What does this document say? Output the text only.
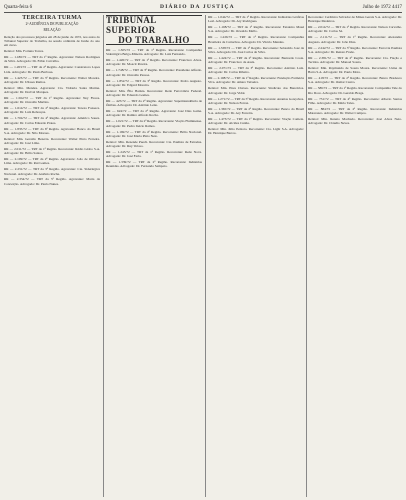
Quarta-feira 6	DIÁRIO DA JUSTIÇA	Julho de 1972 4417
TERCEIRA TURMA
2ª AUDIÊNCIA DE PUBLICAÇÃO
RELAÇÃO

Relação dos processos julgados em 28 de junho de 1972, nos autos do Tribunal Superior do Trabalho, na sessão ordinária de Junho do ano em curso.

Relator: Min. Fortuna Torres.

RR — 1.186/72 — TRT da 1ª Região. Agravante: Nelson Rodrigues da Silva. Advogado: Dr. Fábio Carvalho.

RR — 1.263/72 — TRT da 2ª Região. Agravante: Construtora Lopes Ltda. Advogado: Dr. Paulo Barbosa.

RR — 1.423/72 — TRT da 3ª Região. Recorrente: Walter Moreira. Advogado: Dr. Ulisses Ramos.

Relator: Min. Mendes. Agravante: Cia. Vidraria Santa Marina. Advogado: Dr. Dorival Marques.

RR — 1.562/72 — TRT da 1ª Região. Agravante: Ney Flores. Advogado: Dr. Oswaldo Martins.

RR — 1.614/72 — TRT da 2ª Região. Agravante: Tereza Fonseca. Advogado: Dr. Luiz Rebouças.

RR — 1.704/72 — TRT da 4ª Região. Agravante: Américo Souza. Advogado: Dr. Carlos Eduardo Prates.

RR — 1.835/72 — TRT da 6ª Região. Agravante: Banco do Brasil S.A. Advogado: Dr. Nilo Moraes.

Relator: Min. Geraldo Bezerra. Recorrente: Walter Pinto Ferreira. Advogado: Dr. José Lima.

RR — 2.011/72 — TRT da 1ª Região. Recorrente: Rádio Globo S.A. Advogado: Dr. Hélio Santos.

RR — 2.109/72 — TRT da 2ª Região. Agravante: João de Oliveira Lima. Advogado: Dr. Rui Gomes.

RR — 2.231/72 — TRT da 3ª Região. Agravante: Cia. Siderúrgica Nacional. Advogado: Dr. Antônio Rocha.

RR — 2.354/72 — TRT da 5ª Região. Agravante: Maria da Conceição. Advogado: Dr. Paulo Nunes.

RR — 1.305/72 — TRT da 1ª Região. Recorrente: Companhia Siderúrgica Belgo-Mineira. Advogado: Dr. Luiz Fernando.

RR — 1.426/72 — TRT da 1ª Região. Recorrente: Francisco Alves. Advogado: Dr. Moacir Pereira.

RR — 1.748/72 — TRT da 3ª Região. Recorrente: Presidente Alfredo. Advogado: Dr. Oswaldo Pessoa.

RR — 1.852/72 — TRT da 3ª Região. Recorrente: Pedro Augusto. Advogado: Dr. Edgard Moreira.

Relator: Min. Élio Batista. Recorrente: Rede Ferroviária Federal. Advogado: Dr. Eduardo Gomes.

RR — 425/72 — TRT da 2ª Região. Agravante: Superintendência de Ônibus. Advogado: Dr. Antônio Leite.

RR — 624/72 — TRT da 2ª Região. Agravante: José Dias Gama. Advogado: Dr. Ramiro Alfredo Rocha.

RR — 1.021/72 — TRT da 2ª Região. Recorrente: Viação Fluminense. Advogado: Dr. Pedro Inácio Ramos.

RR — 1.169/72 — TRT da 4ª Região. Recorrente: Hélio Nacional. Advogado: Dr. José Maria Pinto Neto.

Relator: Min. Rezende Puech. Recorrente: Cia. Paulista de Estradas. Advogado: Dr. Ruy Veloso.

RR — 1.245/72 — TRT da 1ª Região. Recorrente: Rede Nova. Advogado: Dr. José Faria.

RR — 1.339/72 — TRT da 2ª Região. Recorrente: Indústrias Reunidas. Advogado: Dr. Fernando Sampaio.

TRIBUNAL SUPERIOR
DO TRABALHO

RR — 1.044/72 — TRT da 1ª Região. Recorrente: Indústrias Gráficas Leal. Advogado: Dr. Ary Rodrigues.

RR — 1.168/72 — TRT da 1ª Região. Recorrente: Estaleiro Mauá S.A. Advogado: Dr. Oswaldo Mello.

RR — 1.226/72 — TRT da 1ª Região. Recorrente: Companhia Brasileira de Cartuchos. Advogado: Dr. Vitório Mendes.

RR — 1.338/72 — TRT da 1ª Região. Recorrente: Sebastião José da Silva. Advogado: Dr. José Carlos da Silva.

RR — 1.424/72 — TRT da 2ª Região. Recorrente: Bernardo Costa. Advogado: Dr. Francisco de Assis.

RR — 2.071/72 — TRT da 3ª Região. Recorrente: Antônio Luiz. Advogado: Dr. Carlos Ribeiro.

RR — 2.108/72 — TRT da 1ª Região. Recorrente: Fundação Farmácia Viva. Advogado: Dr. Amaro Teixeira.

Relator: Min. Pires Chaves. Recorrente: Sindicato dos Bancários. Advogado: Dr. Jorge Vidal.

RR — 1.271/72 — TRT da 5ª Região. Recorrente: Ananias Gonçalves. Advogado: Dr. Nelson Ferraz.

RR — 1.365/72 — TRT da 2ª Região. Recorrente: Banco do Brasil S.A. Advogado: Dr. Ary Ferreira.

RR — 1.473/72 — TRT da 1ª Região. Recorrente: Viação Cometa. Advogado: Dr. Alcides Cunha.

Relator: Min. Júlio Peixoto. Recorrente: Cia. Light S.A. Advogado: Dr. Henrique Barros.

Recorrente: Cerâmica Salvador de Minas Gerais S.A. Advogado: Dr. Henrique Medeiros.

RR — 2.014/72 — TRT da 1ª Região. Recorrente: Nelson Carvalho. Advogado: Dr. Carlos Sá.

RR — 2.111/72 — TRT da 1ª Região. Recorrente: Alexandre Augusto. Advogado: Dr. João Dias.

RR — 2.242/72 — TRT da 3ª Região. Recorrente: Ferrovia Paulista S.A. Advogado: Dr. Renato Frade.

RR — 2.381/72 — TRT da 2ª Região. Recorrente: Cia. Fiação e Tecidos. Advogado: Dr. Manoel Souza.

Relator: Min. Raymundo de Souza Moura. Recorrente: Usina da Barra S.A. Advogado: Dr. Paulo Mota.

RR — 418/72 — TRT da 2ª Região. Recorrente: Banco Bradesco S.A. Advogado: Dr. Osmar Castro.

RR — 586/72 — TRT da 1ª Região. Recorrente: Companhia Vale do Rio Doce. Advogado: Dr. Geraldo Braga.

RR — 731/72 — TRT da 4ª Região. Recorrente: Alberto Santos Filho. Advogado: Dr. Mário Teles.

RR — 884/72 — TRT da 2ª Região. Recorrente: Indústrias Matarazzo. Advogado: Dr. Walter Campos.

Relator: Min. Renato Machado. Recorrente: José Alves Neto. Advogado: Dr. Cláudio Neves.
